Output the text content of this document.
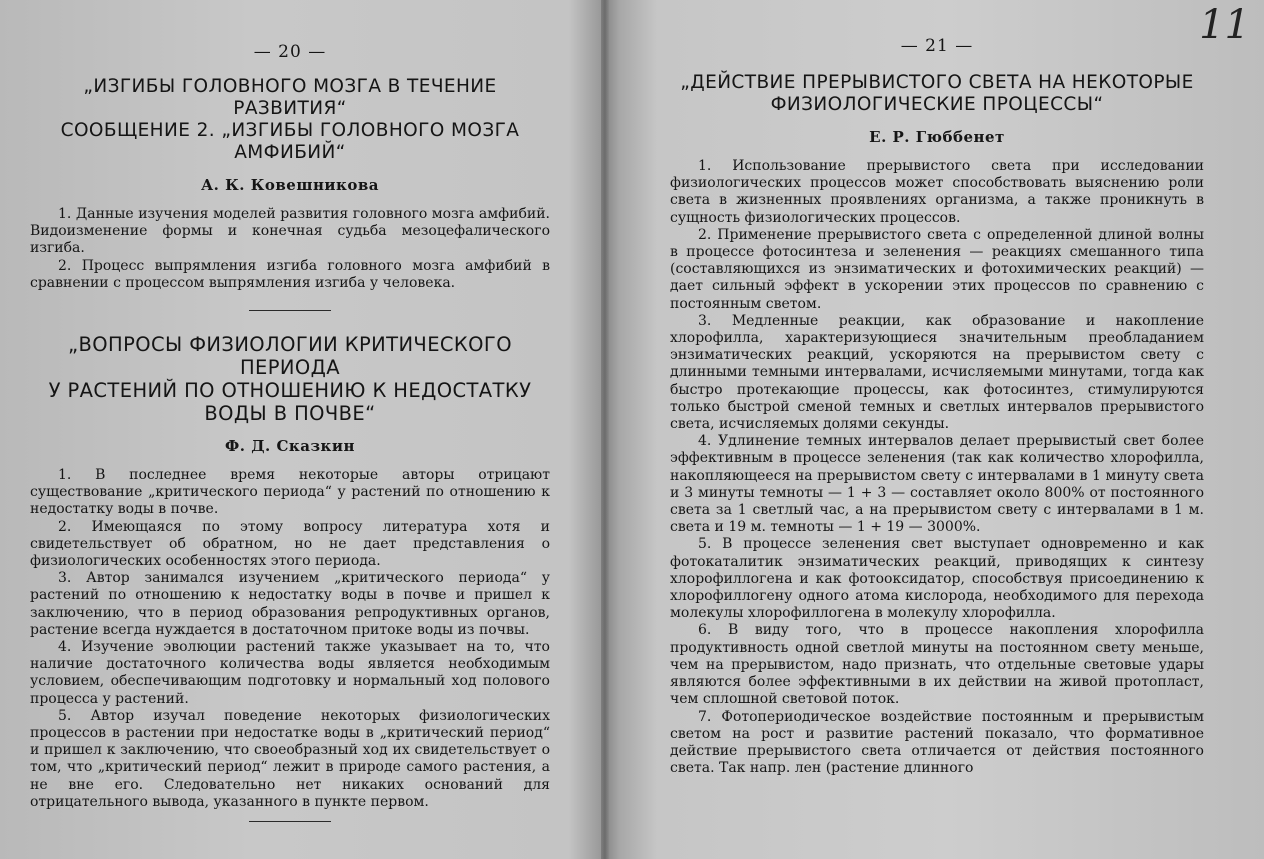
— 20 —
„ИЗГИБЫ ГОЛОВНОГО МОЗГА В ТЕЧЕНИЕ РАЗВИТИЯ“
СООБЩЕНИЕ 2. „ИЗГИБЫ ГОЛОВНОГО МОЗГА
АМФИБИЙ“
А. К. Ковешникова

1. Данные изучения моделей развития головного мозга амфибий. Видоизменение формы и конечная судьба мезоцефалического изгиба.

2. Процесс выпрямления изгиба головного мозга амфибий в сравнении с процессом выпрямления изгиба у человека.

„ВОПРОСЫ ФИЗИОЛОГИИ КРИТИЧЕСКОГО ПЕРИОДА
У РАСТЕНИЙ ПО ОТНОШЕНИЮ К НЕДОСТАТКУ
ВОДЫ В ПОЧВЕ“
Ф. Д. Сказкин

1. В последнее время некоторые авторы отрицают существование „критического периода“ у растений по отношению к недостатку воды в почве.

2. Имеющаяся по этому вопросу литература хотя и свидетельствует об обратном, но не дает представления о физиологических особенностях этого периода.

3. Автор занимался изучением „критического периода“ у растений по отношению к недостатку воды в почве и пришел к заключению, что в период образования репродуктивных органов, растение всегда нуждается в достаточном притоке воды из почвы.

4. Изучение эволюции растений также указывает на то, что наличие достаточного количества воды является необходимым условием, обеспечивающим подготовку и нормальный ход полового процесса у растений.

5. Автор изучал поведение некоторых физиологических процессов в растении при недостатке воды в „критический период“ и пришел к заключению, что своеобразный ход их свидетельствует о том, что „критический период“ лежит в природе самого растения, а не вне его. Следовательно нет никаких оснований для отрицательного вывода, указанного в пункте первом.

11
— 21 —
„ДЕЙСТВИЕ ПРЕРЫВИСТОГО СВЕТА НА НЕКОТОРЫЕ
ФИЗИОЛОГИЧЕСКИЕ ПРОЦЕССЫ“
Е. Р. Гюббенет

1. Использование прерывистого света при исследовании физиологических процессов может способствовать выяснению роли света в жизненных проявлениях организма, а также проникнуть в сущность физиологических процессов.

2. Применение прерывистого света с определенной длиной волны в процессе фотосинтеза и зеленения — реакциях смешанного типа (составляющихся из энзиматических и фотохимических реакций) — дает сильный эффект в ускорении этих процессов по сравнению с постоянным светом.

3. Медленные реакции, как образование и накопление хлорофилла, характеризующиеся значительным преобладанием энзиматических реакций, ускоряются на прерывистом свету с длинными темными интервалами, исчисляемыми минутами, тогда как быстро протекающие процессы, как фотосинтез, стимулируются только быстрой сменой темных и светлых интервалов прерывистого света, исчисляемых долями секунды.

4. Удлинение темных интервалов делает прерывистый свет более эффективным в процессе зеленения (так как количество хлорофилла, накопляющееся на прерывистом свету с интервалами в 1 минуту света и 3 минуты темноты — 1 + 3 — составляет около 800% от постоянного света за 1 светлый час, а на прерывистом свету с интервалами в 1 м. света и 19 м. темноты — 1 + 19 — 3000%.

5. В процессе зеленения свет выступает одновременно и как фотокаталитик энзиматических реакций, приводящих к синтезу хлорофиллогена и как фотооксидатор, способствуя присоединению к хлорофиллогену одного атома кислорода, необходимого для перехода молекулы хлорофиллогена в молекулу хлорофилла.

6. В виду того, что в процессе накопления хлорофилла продуктивность одной светлой минуты на постоянном свету меньше, чем на прерывистом, надо признать, что отдельные световые удары являются более эффективными в их действии на живой протопласт, чем сплошной световой поток.

7. Фотопериодическое воздействие постоянным и прерывистым светом на рост и развитие растений показало, что формативное действие прерывистого света отличается от действия постоянного света. Так напр. лен (растение длинного
